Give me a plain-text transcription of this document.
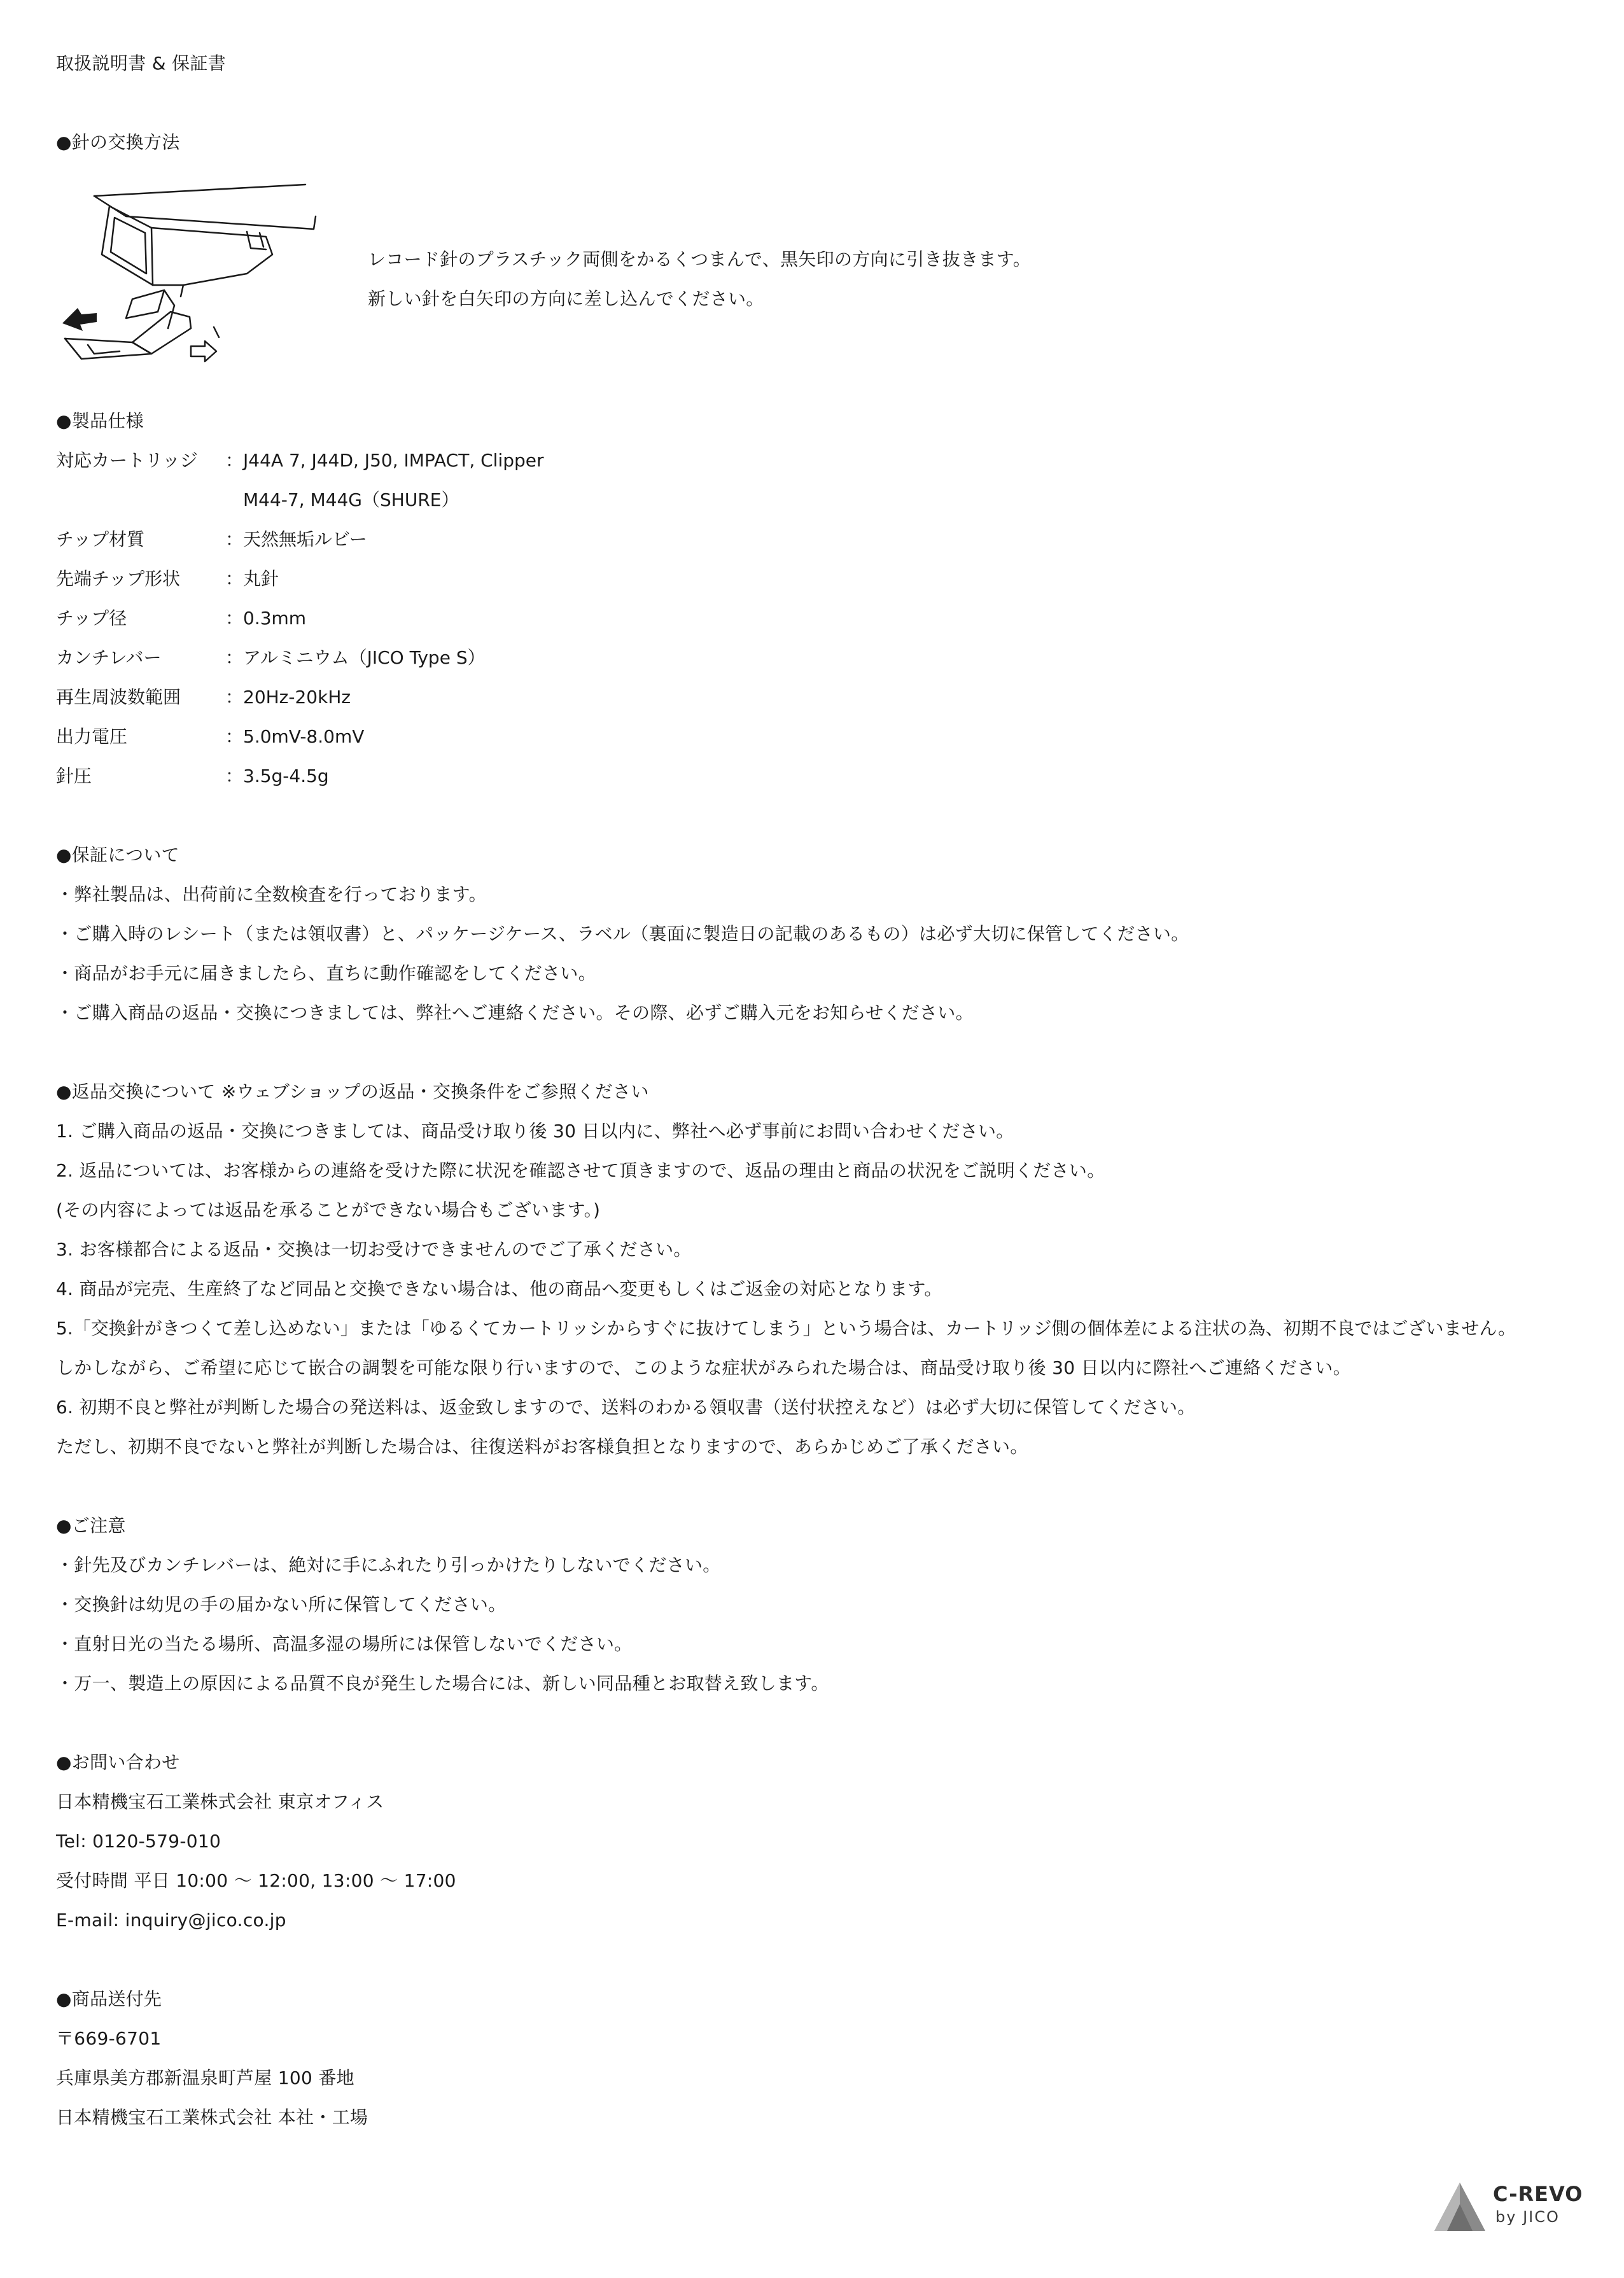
取扱説明書 & 保証書
●針の交換方法
レコード針のプラスチック両側をかるくつまんで、黒矢印の方向に引き抜きます。
新しい針を白矢印の方向に差し込んでください。
●製品仕様
対応カートリッジ ：J44A 7, J44D, J50, IMPACT, Clipper
M44-7, M44G（SHURE）
チップ材質	：天然無垢ルビー
先端チップ形状	：丸針
チップ径	：0.3mm
カンチレバー	：アルミニウム（JICO Type S）
再生周波数範囲 ：20Hz-20kHz
出力電圧	：5.0mV-8.0mV
針圧	：3.5g-4.5g
●保証について
・弊社製品は、出荷前に全数検査を行っております。
・ご購入時のレシート（または領収書）と、パッケージケース、ラベル（裏面に製造日の記載のあるもの）は必ず大切に保管してください。
・商品がお手元に届きましたら、直ちに動作確認をしてください。
・ご購入商品の返品・交換につきましては、弊社へご連絡ください。その際、必ずご購入元をお知らせください。
●返品交換について ※ウェブショップの返品・交換条件をご参照ください
1. ご購入商品の返品・交換につきましては、商品受け取り後 30 日以内に、弊社へ必ず事前にお問い合わせください。
2. 返品については、お客様からの連絡を受けた際に状況を確認させて頂きますので、返品の理由と商品の状況をご説明ください。
(その内容によっては返品を承ることができない場合もございます。)
3. お客様都合による返品・交換は一切お受けできませんのでご了承ください。
4. 商品が完売、生産終了など同品と交換できない場合は、他の商品へ変更もしくはご返金の対応となります。
5.「交換針がきつくて差し込めない」または「ゆるくてカートリッシからすぐに抜けてしまう」という場合は、カートリッジ側の個体差による注状の為、初期不良ではございません。
しかしながら、ご希望に応じて嵌合の調製を可能な限り行いますので、このような症状がみられた場合は、商品受け取り後 30 日以内に際社へご連絡ください。
6. 初期不良と弊社が判断した場合の発送料は、返金致しますので、送料のわかる領収書（送付状控えなど）は必ず大切に保管してください。
ただし、初期不良でないと弊社が判断した場合は、往復送料がお客様負担となりますので、あらかじめご了承ください。
●ご注意
・針先及びカンチレバーは、絶対に手にふれたり引っかけたりしないでください。
・交換針は幼児の手の届かない所に保管してください。
・直射日光の当たる場所、高温多湿の場所には保管しないでください。
・万一、製造上の原因による品質不良が発生した場合には、新しい同品種とお取替え致します。
●お問い合わせ
日本精機宝石工業株式会社 東京オフィス
Tel: 0120-579-010
受付時間 平日 10:00 ～ 12:00, 13:00 ～ 17:00
E-mail: inquiry@jico.co.jp
●商品送付先
〒669-6701
兵庫県美方郡新温泉町芦屋 100 番地
日本精機宝石工業株式会社 本社・工場
C-REVO
by JICO
